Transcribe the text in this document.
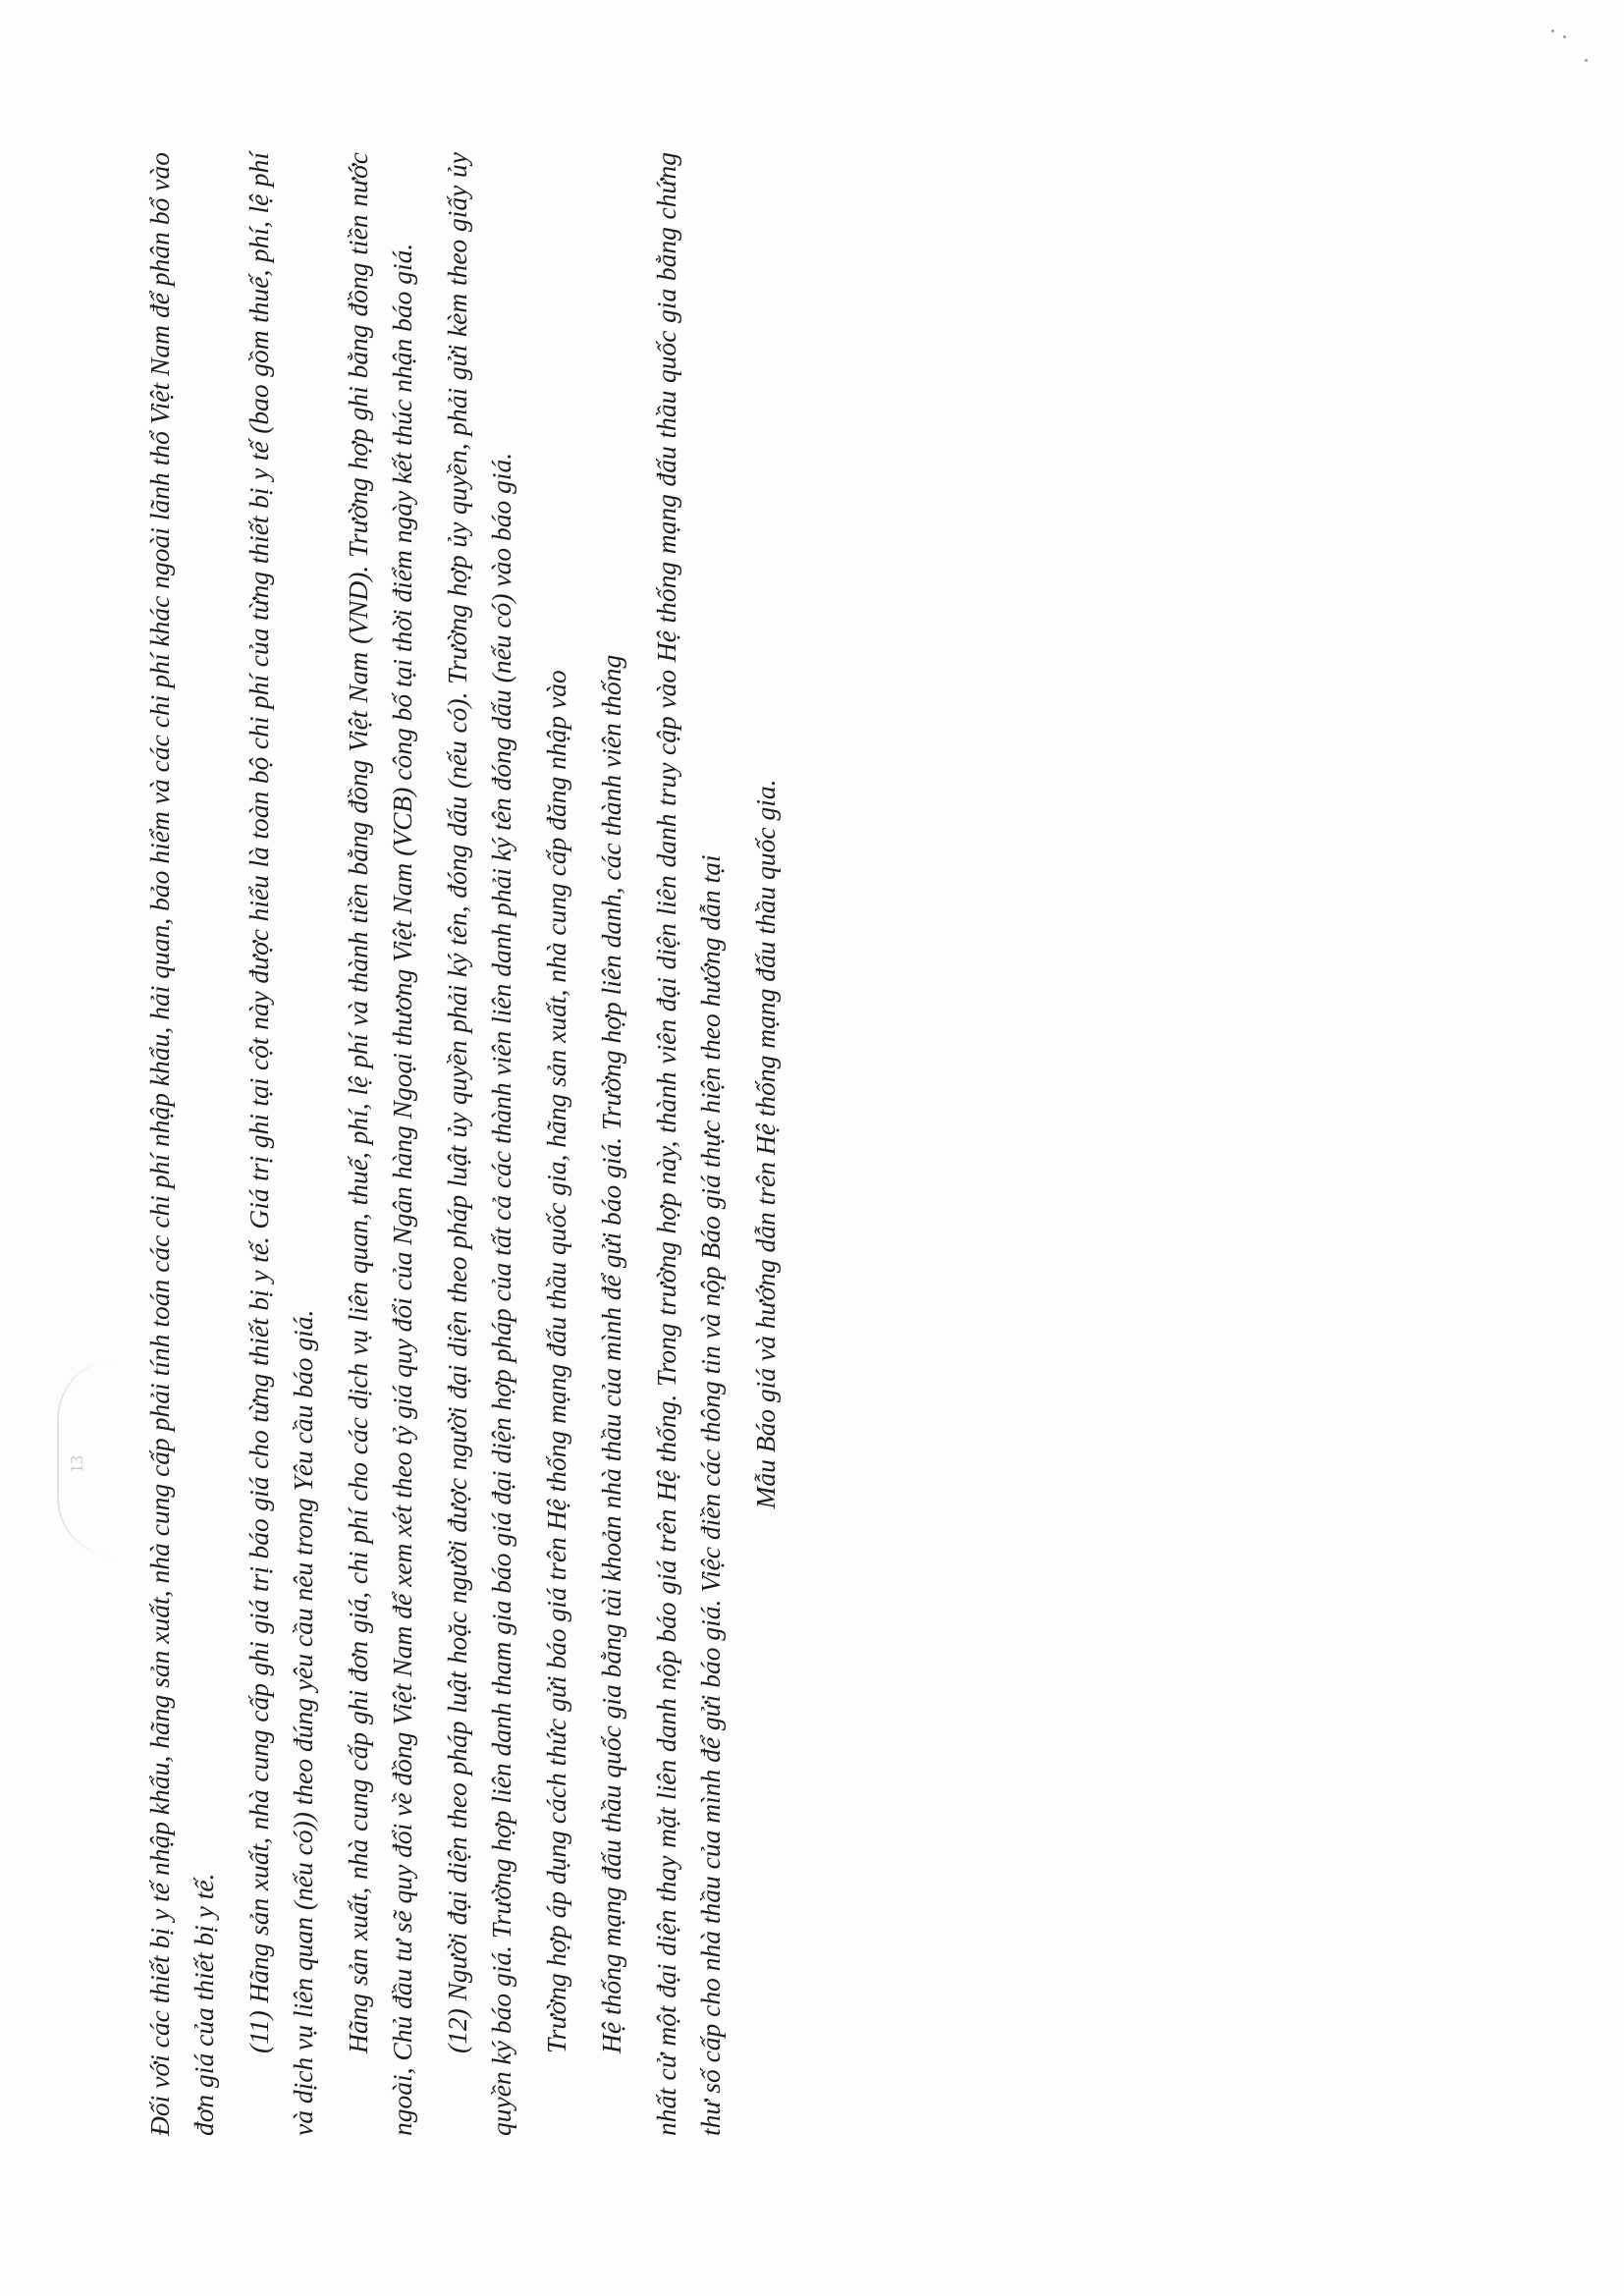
13 Đối với các thiết bị y tế nhập khẩu, hãng sản xuất, nhà cung cấp phải tính toán các chi phí nhập khẩu, hải quan, bảo hiểm và các chi phí khác ngoài lãnh thổ Việt Nam để phân bổ vào đơn giá của thiết bị y tế. (11) Hãng sản xuất, nhà cung cấp ghi giá trị báo giá cho từng thiết bị y tế. Giá trị ghi tại cột này được hiểu là toàn bộ chi phí của từng thiết bị y tế (bao gồm thuế, phí, lệ phí và dịch vụ liên quan (nếu có)) theo đúng yêu cầu nêu trong Yêu cầu báo giá. Hãng sản xuất, nhà cung cấp ghi đơn giá, chi phí cho các dịch vụ liên quan, thuế, phí, lệ phí và thành tiền bằng đồng Việt Nam (VND). Trường hợp ghi bằng đồng tiền nước ngoài, Chủ đầu tư sẽ quy đổi về đồng Việt Nam để xem xét theo tỷ giá quy đổi của Ngân hàng Ngoại thương Việt Nam (VCB) công bố tại thời điểm ngày kết thúc nhận báo giá. (12) Người đại diện theo pháp luật hoặc người được người đại diện theo pháp luật ủy quyền phải ký tên, đóng dấu (nếu có). Trường hợp ủy quyền, phải gửi kèm theo giấy ủy quyền ký báo giá. Trường hợp liên danh tham gia báo giá đại diện hợp pháp của tất cả các thành viên liên danh phải ký tên đóng dấu (nếu có) vào báo giá. Trường hợp áp dụng cách thức gửi báo giá trên Hệ thống mạng đấu thầu quốc gia, hãng sản xuất, nhà cung cấp đăng nhập vào Hệ thống mạng đấu thầu quốc gia bằng tài khoản nhà thầu của mình để gửi báo giá. Trường hợp liên danh, các thành viên thống nhất cử một đại diện thay mặt liên danh nộp báo giá trên Hệ thống. Trong trường hợp này, thành viên đại diện liên danh truy cập vào Hệ thống mạng đấu thầu quốc gia bằng chứng thư số cấp cho nhà thầu của mình để gửi báo giá. Việc điền các thông tin và nộp Báo giá thực hiện theo hướng dẫn tại Mẫu Báo giá và hướng dẫn trên Hệ thống mạng đấu thầu quốc gia.
